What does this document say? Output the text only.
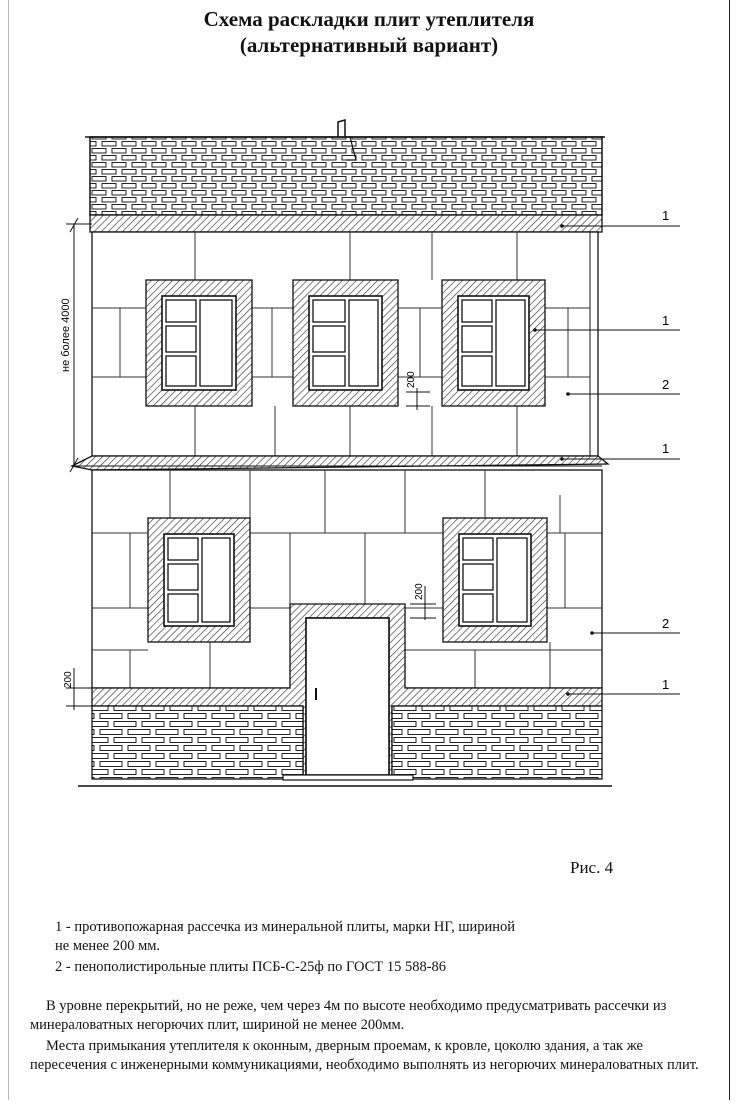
Схема раскладки плит утеплителя
(альтернативный вариант)
не более 4000
200
200
200
1
1
2
1
2
1
Рис. 4
1 - противопожарная рассечка из минеральной плиты, марки НГ, шириной
не менее 200 мм.
2 - пенополистирольные плиты ПСБ-С-25ф по ГОСТ 15 588-86
В уровне перекрытий, но не реже, чем через 4м по высоте необходимо предусматривать рассечки из минераловатных негорючих плит, шириной не менее 200мм.
Места примыкания утеплителя к оконным, дверным проемам, к кровле, цоколю здания, а так же пересечения с инженерными коммуникациями, необходимо выполнять из негорючих минераловатных плит.
